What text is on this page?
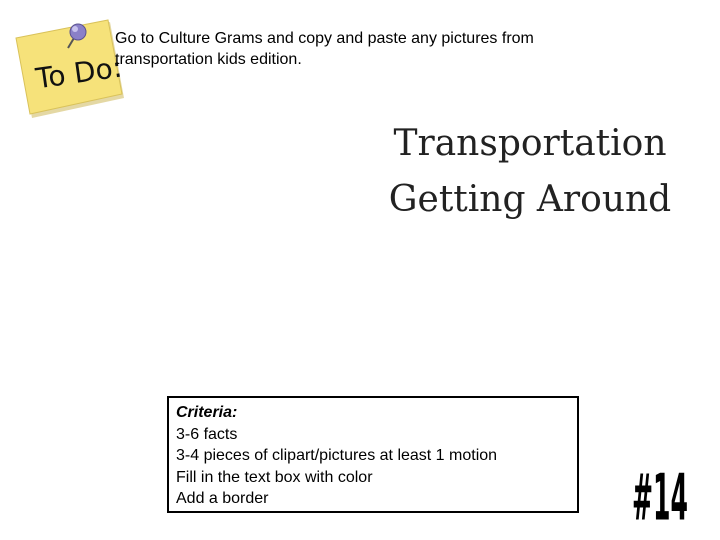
To Do:
Go to Culture Grams and copy and paste any pictures from transportation kids edition.
Transportation
Getting Around
Criteria:
3-6 facts
3-4 pieces of clipart/pictures at least 1 motion
Fill in the text box with color
Add a border	#14
